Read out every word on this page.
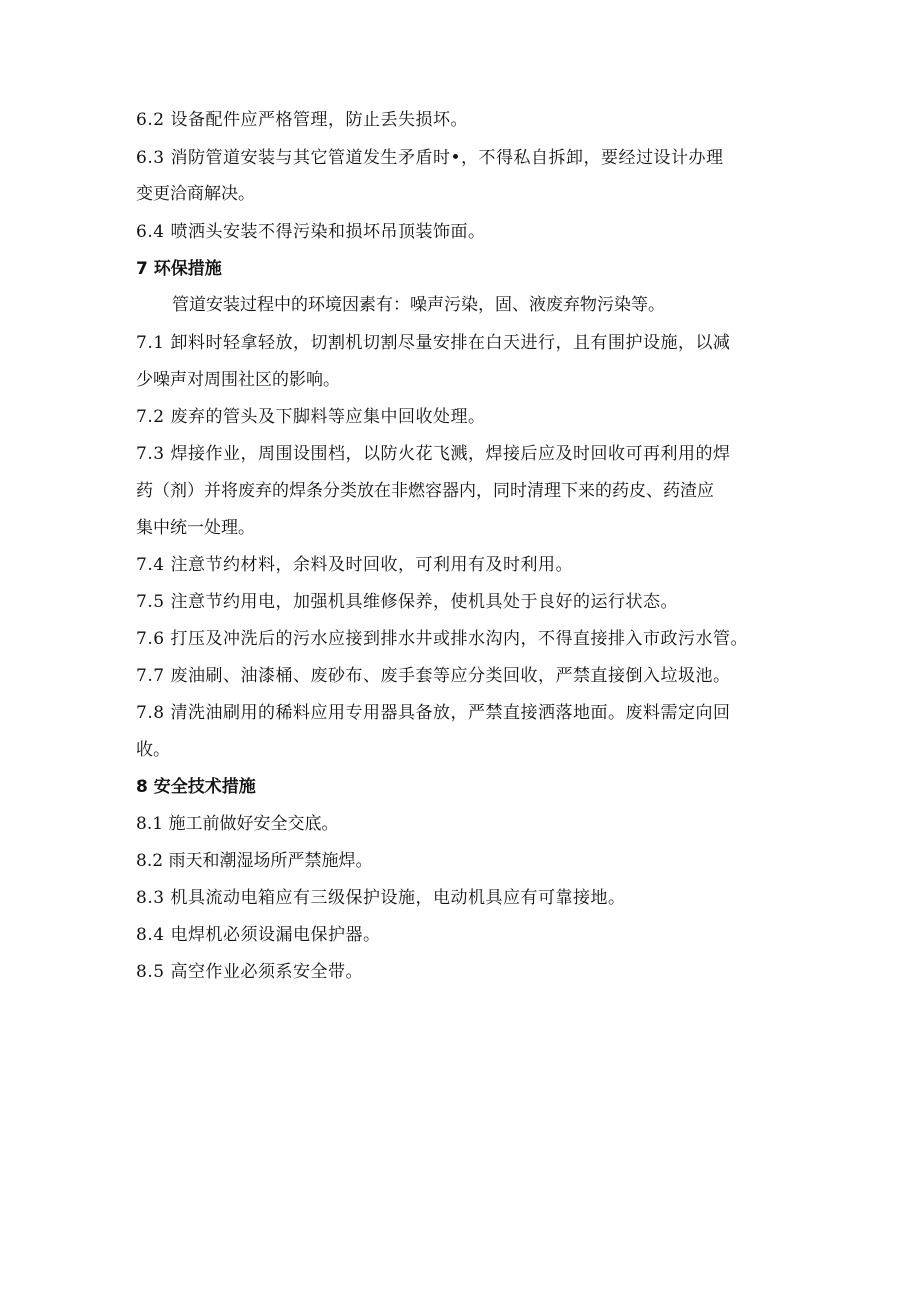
6.2 设备配件应严格管理，防止丢失损坏。

6.3 消防管道安装与其它管道发生矛盾时•，不得私自拆卸，要经过设计办理

变更洽商解决。

6.4 喷洒头安装不得污染和损坏吊顶装饰面。

7 环保措施

管道安装过程中的环境因素有：噪声污染，固、液废弃物污染等。

7.1 卸料时轻拿轻放，切割机切割尽量安排在白天进行，且有围护设施，以减

少噪声对周围社区的影响。

7.2 废弃的管头及下脚料等应集中回收处理。

7.3 焊接作业，周围设围档，以防火花飞溅，焊接后应及时回收可再利用的焊

药（剂）并将废弃的焊条分类放在非燃容器内，同时清理下来的药皮、药渣应

集中统一处理。

7.4 注意节约材料，余料及时回收，可利用有及时利用。

7.5 注意节约用电，加强机具维修保养，使机具处于良好的运行状态。

7.6 打压及冲洗后的污水应接到排水井或排水沟内，不得直接排入市政污水管。

7.7 废油刷、油漆桶、废砂布、废手套等应分类回收，严禁直接倒入垃圾池。

7.8 清洗油刷用的稀料应用专用器具备放，严禁直接洒落地面。废料需定向回

收。

8 安全技术措施

8.1 施工前做好安全交底。

8.2 雨天和潮湿场所严禁施焊。

8.3 机具流动电箱应有三级保护设施，电动机具应有可靠接地。

8.4 电焊机必须设漏电保护器。

8.5 高空作业必须系安全带。
